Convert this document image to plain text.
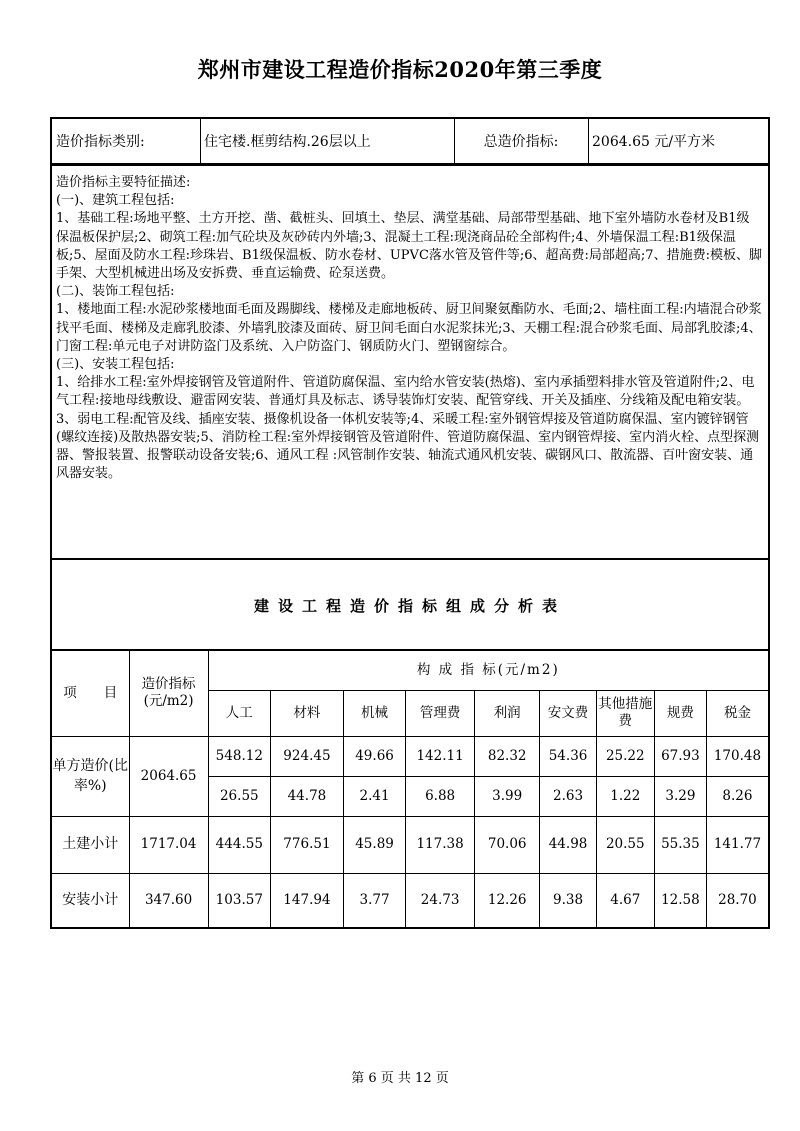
郑州市建设工程造价指标2020年第三季度
造价指标类别:	住宅楼.框剪结构.26层以上	总造价指标:	2064.65 元/平方米

造价指标主要特征描述:

(一)、建筑工程包括:

1、基础工程:场地平整、土方开挖、凿、截桩头、回填土、垫层、满堂基础、局部带型基础、地下室外墙防水卷材及B1级保温板保护层;2、砌筑工程:加气砼块及灰砂砖内外墙;3、混凝土工程:现浇商品砼全部构件;4、外墙保温工程:B1级保温板;5、屋面及防水工程:珍珠岩、B1级保温板、防水卷材、UPVC落水管及管件等;6、超高费:局部超高;7、措施费:模板、脚手架、大型机械进出场及安拆费、垂直运输费、砼泵送费。

(二)、装饰工程包括:

1、楼地面工程:水泥砂浆楼地面毛面及踢脚线、楼梯及走廊地板砖、厨卫间聚氨酯防水、毛面;2、墙柱面工程:内墙混合砂浆找平毛面、楼梯及走廊乳胶漆、外墙乳胶漆及面砖、厨卫间毛面白水泥浆抹光;3、天棚工程:混合砂浆毛面、局部乳胶漆;4、门窗工程:单元电子对讲防盗门及系统、入户防盗门、钢质防火门、塑钢窗综合。

(三)、安装工程包括:

1、给排水工程:室外焊接钢管及管道附件、管道防腐保温、室内给水管安装(热熔)、室内承插塑料排水管及管道附件;2、电气工程:接地母线敷设、避雷网安装、普通灯具及标志、诱导装饰灯安装、配管穿线、开关及插座、分线箱及配电箱安装。3、弱电工程:配管及线、插座安装、摄像机设备一体机安装等;4、采暖工程:室外钢管焊接及管道防腐保温、室内镀锌钢管(螺纹连接)及散热器安装;5、消防栓工程:室外焊接钢管及管道附件、管道防腐保温、室内钢管焊接、室内消火栓、点型探测器、警报装置、报警联动设备安装;6、通风工程 :风管制作安装、轴流式通风机安装、碳钢风口、散流器、百叶窗安装、通风器安装。

建设工程造价指标组成分析表
项　　目	造价指标(元/m2)	构 成 指 标(元/m2)								
		人工	材料	机械	管理费	利润	安文费	其他措施费	规费	税金
单方造价(比率%)	2064.65	548.12	924.45	49.66	142.11	82.32	54.36	25.22	67.93	170.48
		26.55	44.78	2.41	6.88	3.99	2.63	1.22	3.29	8.26
土建小计	1717.04	444.55	776.51	45.89	117.38	70.06	44.98	20.55	55.35	141.77
安装小计	347.60	103.57	147.94	3.77	24.73	12.26	9.38	4.67	12.58	28.70
第 6 页 共 12 页
